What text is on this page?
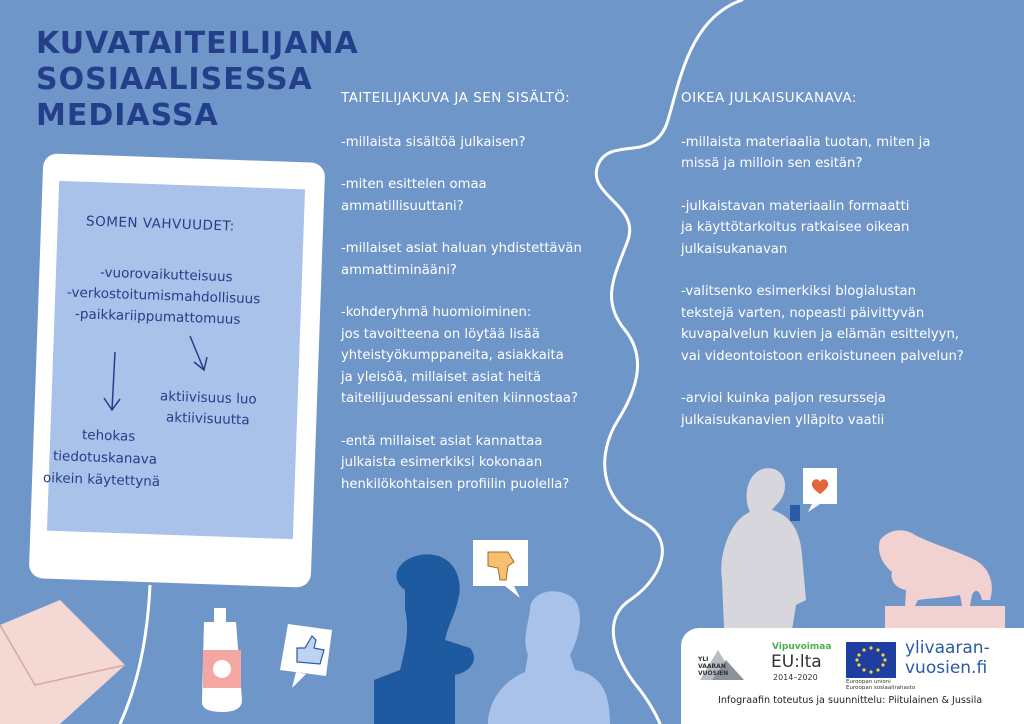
KUVATAITEILIJANA
SOSIAALISESSA
MEDIASSA
SOMEN VAHVUUDET:
-vuorovaikutteisuus
-verkostoitumismahdollisuus
-paikkariippumattomuus
aktiivisuus luo
aktiivisuutta
tehokas
tiedotuskanava
oikein käytettynä
1
TAITEILIJAKUVA JA SEN SISÄLTÖ:
-millaista sisältöä julkaisen?
-miten esittelen omaa
ammatillisuuttani?
-millaiset asiat haluan yhdistettävän
ammattiminääni?
-kohderyhmä huomioiminen:
jos tavoitteena on löytää lisää
yhteistyökumppaneita, asiakkaita
ja yleisöä, millaiset asiat heitä
taiteilijuudessani eniten kiinnostaa?
-entä millaiset asiat kannattaa
julkaista esimerkiksi kokonaan
henkilökohtaisen profiilin puolella?
OIKEA JULKAISUKANAVA:
-millaista materiaalia tuotan, miten ja
missä ja milloin sen esitän?
-julkaistavan materiaalin formaatti
ja käyttötarkoitus ratkaisee oikean
julkaisukanavan
-valitsenko esimerkiksi blogialustan
tekstejä varten, nopeasti päivittyvän
kuvapalvelun kuvien ja elämän esittelyyn,
vai videontoistoon erikoistuneen palvelun?
-arvioi kuinka paljon resursseja
julkaisukanavien ylläpito vaatii
YLI
VAARAN
VUOSIEN
Vipuvoimaa
EU:lta
2014–2020	Euroopan unioni
Euroopan sosiaalirahasto
ylivaaran-
vuosien.fi
Infograafin toteutus ja suunnittelu: Piitulainen & Jussila
